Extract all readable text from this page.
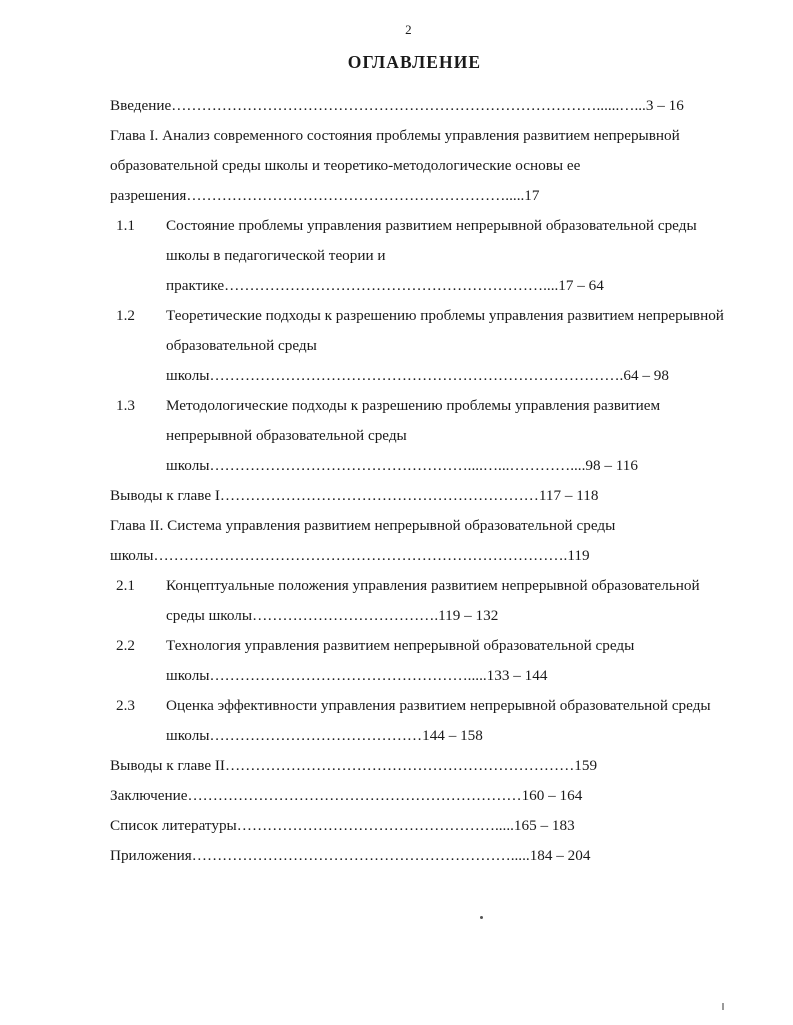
2
ОГЛАВЛЕНИЕ
Введение…………………………………………………………………………......…...3 – 16
Глава I. Анализ современного состояния проблемы управления развитием непрерывной образовательной среды школы и теоретико-методологические основы ее разрешения……………………………………………………….....17
1.1 Состояние проблемы управления развитием непрерывной образовательной среды школы в педагогической теории и практике………………………………………………………....17 – 64
1.2 Теоретические подходы к разрешению проблемы управления развитием непрерывной образовательной среды школы……………………………………………………………………….64 – 98
1.3 Методологические подходы к разрешению проблемы управления развитием непрерывной образовательной среды школы……………………………………………....…...…………....98 – 116
Выводы к главе I………………………………………………………117 – 118
Глава II. Система управления развитием непрерывной образовательной среды школы……………………………………………………………………….119
2.1 Концептуальные положения управления развитием непрерывной образовательной среды школы……………………………….119 – 132
2.2 Технология управления развитием непрерывной образовательной среды школы…………………………………………….....133 – 144
2.3 Оценка эффективности управления развитием непрерывной образовательной среды школы……………………………………144 – 158
Выводы к главе II……………………………………………………………159
Заключение…………………………………………………………160 – 164
Список литературы…………………………………………….....165 – 183
Приложения……………………………………………………….....184 – 204
